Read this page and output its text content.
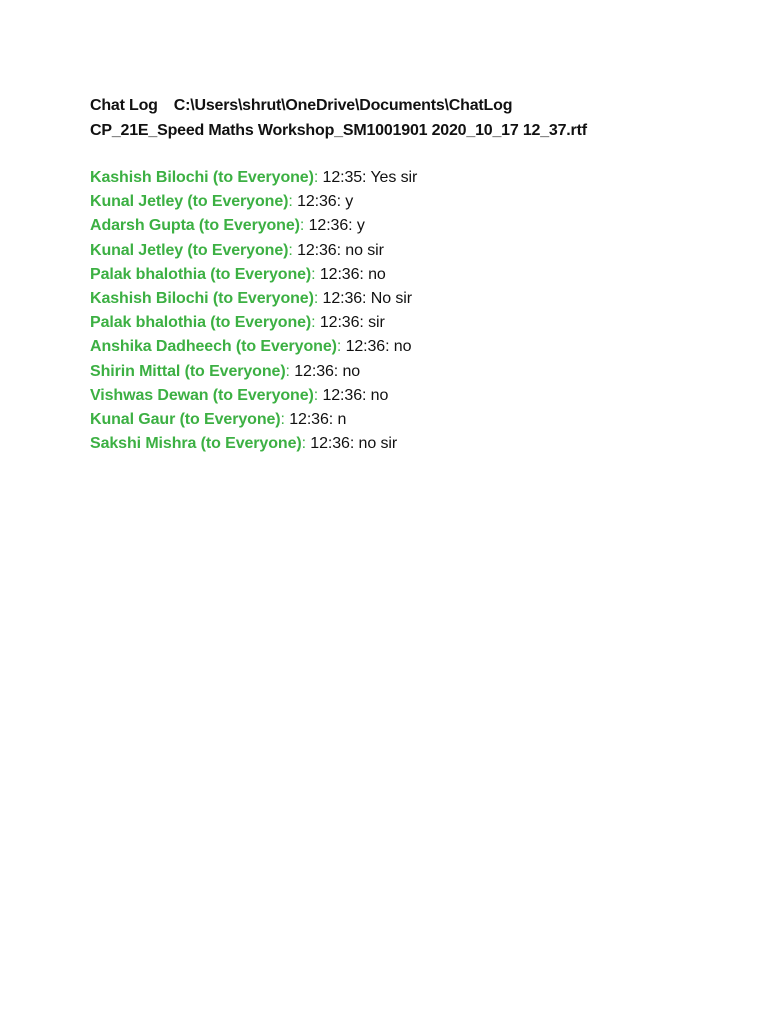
Chat Log C:\Users\shrut\OneDrive\Documents\ChatLog
CP_21E_Speed Maths Workshop_SM1001901 2020_10_17 12_37.rtf
Kashish Bilochi (to Everyone): 12:35: Yes sir
Kunal Jetley (to Everyone): 12:36: y
Adarsh Gupta (to Everyone): 12:36: y
Kunal Jetley (to Everyone): 12:36: no sir
Palak bhalothia (to Everyone): 12:36: no
Kashish Bilochi (to Everyone): 12:36: No sir
Palak bhalothia (to Everyone): 12:36: sir
Anshika Dadheech (to Everyone): 12:36: no
Shirin Mittal (to Everyone): 12:36: no
Vishwas Dewan (to Everyone): 12:36: no
Kunal Gaur (to Everyone): 12:36: n
Sakshi Mishra (to Everyone): 12:36: no sir
